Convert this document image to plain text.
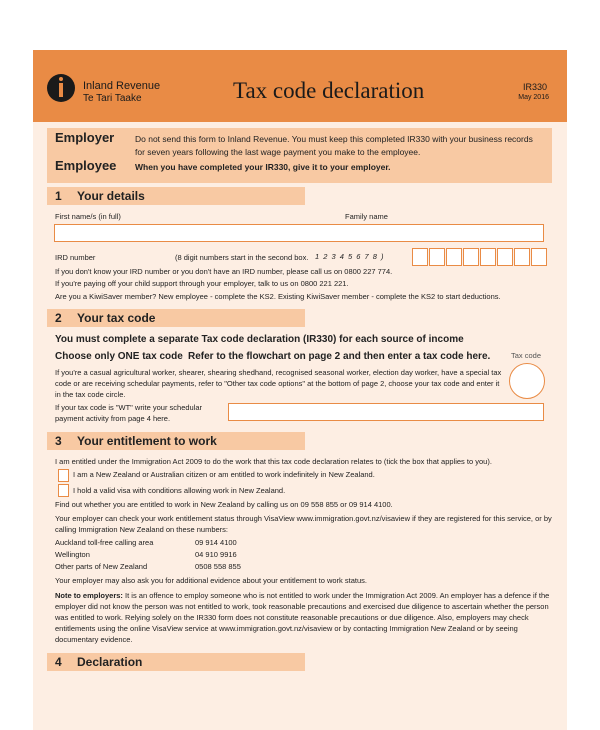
Inland Revenue
Te Tari Taake	Tax code declaration	IR330
May 2016
Employer
Employee
Do not send this form to Inland Revenue. You must keep this completed IR330 with your business records for seven years following the last wage payment you make to the employee.
When you have completed your IR330, give it to your employer.
1 Your details
First name/s (in full)	Family name
IRD number	(8 digit numbers start in the second box. 1 2 3 4 5 6 7 8 )
If you don't know your IRD number or you don't have an IRD number, please call us on 0800 227 774.
If you're paying off your child support through your employer, talk to us on 0800 221 221.
Are you a KiwiSaver member? New employee - complete the KS2. Existing KiwiSaver member - complete the KS2 to start deductions.
2 Your tax code
You must complete a separate Tax code declaration (IR330) for each source of income
Choose only ONE tax code Refer to the flowchart on page 2 and then enter a tax code here.	Tax code
If you're a casual agricultural worker, shearer, shearing shedhand, recognised seasonal worker, election day worker, have a special tax code or are receiving schedular payments, refer to "Other tax code options" at the bottom of page 2, choose your tax code and enter it in the tax code circle.
If your tax code is "WT" write your schedular payment activity from page 4 here.
3 Your entitlement to work
I am entitled under the Immigration Act 2009 to do the work that this tax code declaration relates to (tick the box that applies to you).
I am a New Zealand or Australian citizen or am entitled to work indefinitely in New Zealand.
I hold a valid visa with conditions allowing work in New Zealand.
Find out whether you are entitled to work in New Zealand by calling us on 09 558 855 or 09 914 4100.
Your employer can check your work entitlement status through VisaView www.immigration.govt.nz/visaview if they are registered for this service, or by calling Immigration New Zealand on these numbers:
Auckland toll-free calling area	09 914 4100
Wellington	04 910 9916
Other parts of New Zealand	0508 558 855
Your employer may also ask you for additional evidence about your entitlement to work status.
Note to employers: It is an offence to employ someone who is not entitled to work under the Immigration Act 2009. An employer has a defence if the employer did not know the person was not entitled to work, took reasonable precautions and exercised due diligence to ascertain whether the person was entitled to work. Relying solely on the IR330 form does not constitute reasonable precautions or due diligence. Also, employers may check entitlements using the online VisaView service at www.immigration.govt.nz/visaview or by contacting Immigration New Zealand or by seeing documentary evidence.
4 Declaration
